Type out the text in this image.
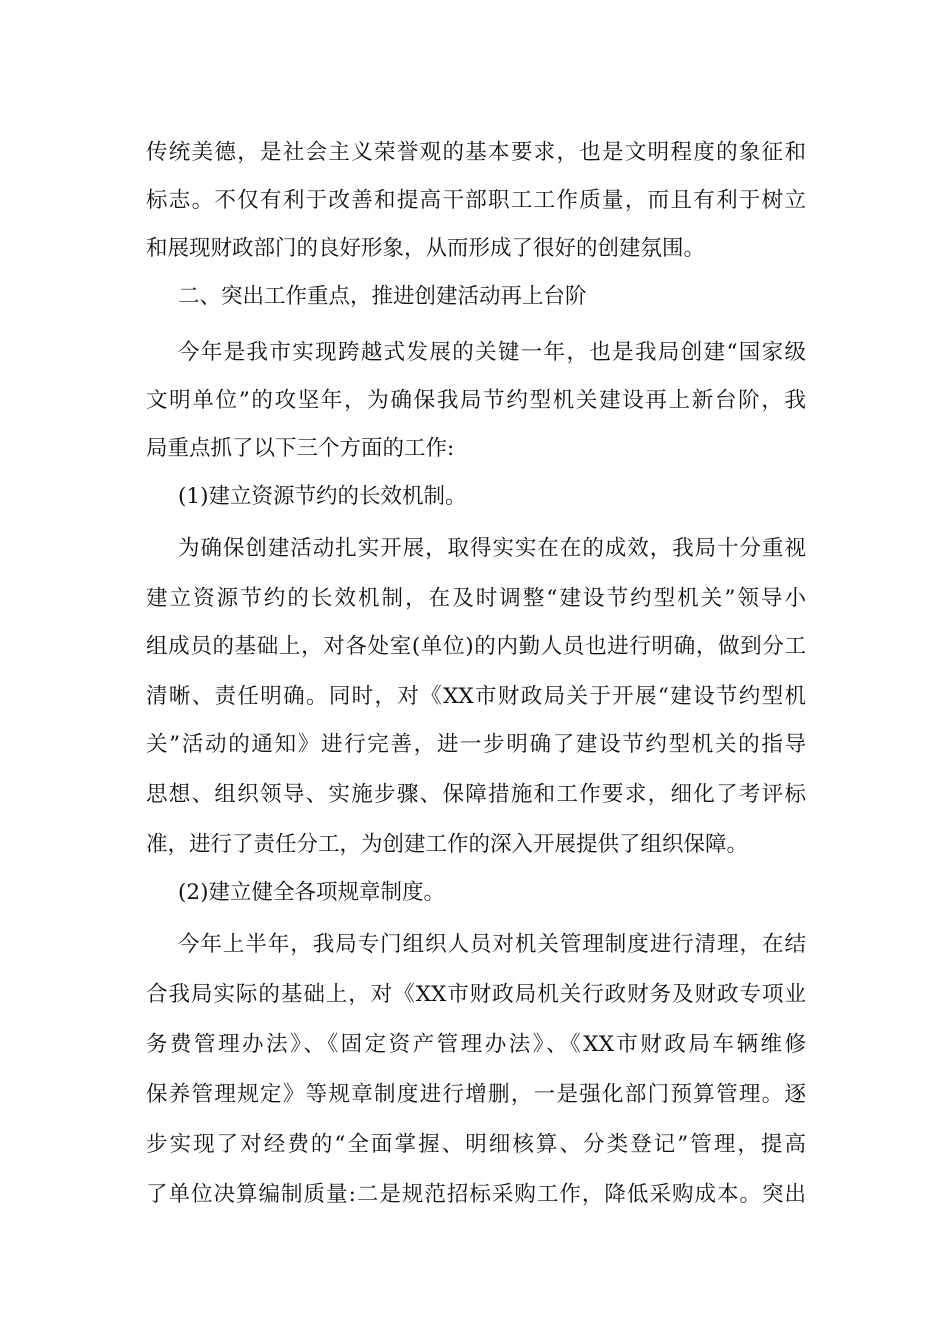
传统美德，是社会主义荣誉观的基本要求，也是文明程度的象征和
标志。不仅有利于改善和提高干部职工工作质量，而且有利于树立
和展现财政部门的良好形象，从而形成了很好的创建氛围。
二、突出工作重点，推进创建活动再上台阶
今年是我市实现跨越式发展的关键一年，也是我局创建“国家级
文明单位”的攻坚年，为确保我局节约型机关建设再上新台阶，我
局重点抓了以下三个方面的工作:
(1)建立资源节约的长效机制。
为确保创建活动扎实开展，取得实实在在的成效，我局十分重视
建立资源节约的长效机制，在及时调整“建设节约型机关”领导小
组成员的基础上，对各处室(单位)的内勤人员也进行明确，做到分工
清晰、责任明确。同时，对《XX市财政局关于开展“建设节约型机
关”活动的通知》进行完善，进一步明确了建设节约型机关的指导
思想、组织领导、实施步骤、保障措施和工作要求，细化了考评标
准，进行了责任分工，为创建工作的深入开展提供了组织保障。
(2)建立健全各项规章制度。
今年上半年，我局专门组织人员对机关管理制度进行清理，在结
合我局实际的基础上，对《XX市财政局机关行政财务及财政专项业
务费管理办法》、《固定资产管理办法》、《XX市财政局车辆维修
保养管理规定》等规章制度进行增删，一是强化部门预算管理。逐
步实现了对经费的“全面掌握、明细核算、分类登记”管理，提高
了单位决算编制质量:二是规范招标采购工作，降低采购成本。突出
